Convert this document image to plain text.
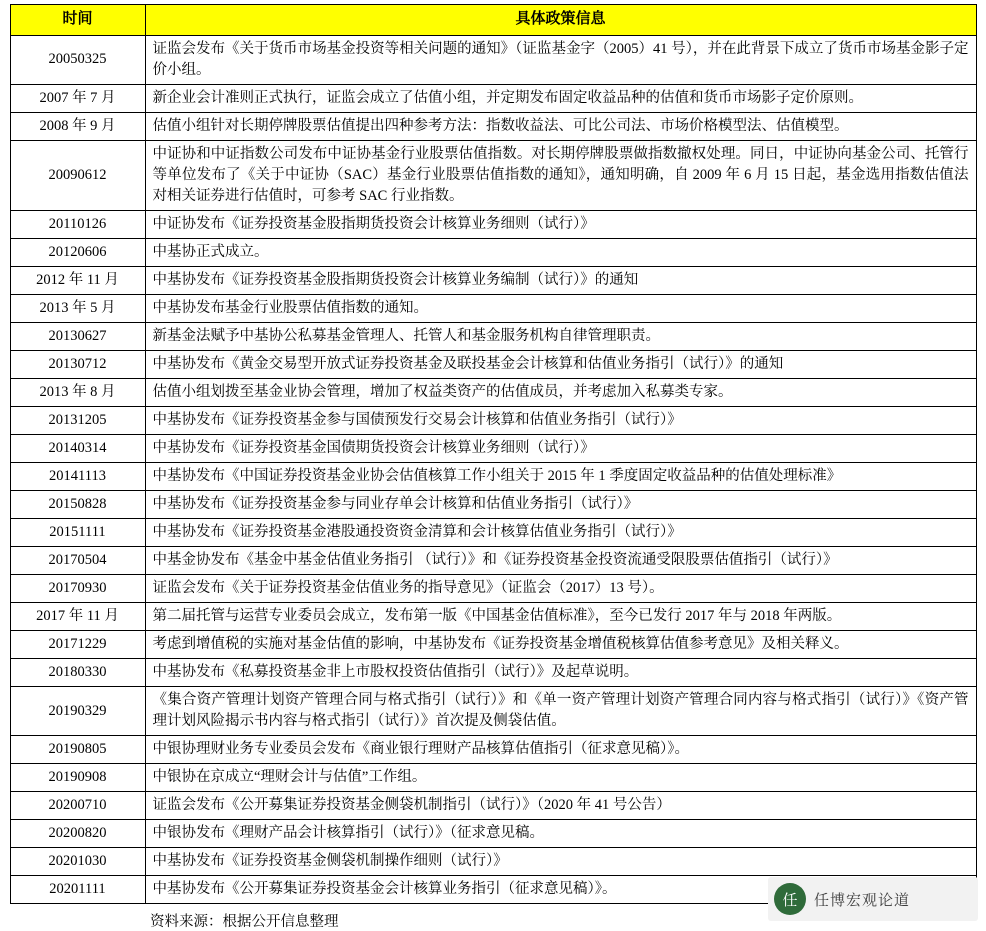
时间	具体政策信息
20050325	证监会发布《关于货币市场基金投资等相关问题的通知》（证监基金字（2005）41 号），并在此背景下成立了货币市场基金影子定价小组。
2007 年 7 月	新企业会计准则正式执行，证监会成立了估值小组，并定期发布固定收益品种的估值和货币市场影子定价原则。
2008 年 9 月	估值小组针对长期停牌股票估值提出四种参考方法：指数收益法、可比公司法、市场价格模型法、估值模型。
20090612	中证协和中证指数公司发布中证协基金行业股票估值指数。对长期停牌股票做指数撤权处理。同日，中证协向基金公司、托管行等单位发布了《关于中证协（SAC）基金行业股票估值指数的通知》，通知明确，自 2009 年 6 月 15 日起，基金选用指数估值法对相关证券进行估值时，可参考 SAC 行业指数。
20110126	中证协发布《证券投资基金股指期货投资会计核算业务细则（试行）》
20120606	中基协正式成立。
2012 年 11 月	中基协发布《证券投资基金股指期货投资会计核算业务编制（试行）》的通知
2013 年 5 月	中基协发布基金行业股票估值指数的通知。
20130627	新基金法赋予中基协公私募基金管理人、托管人和基金服务机构自律管理职责。
20130712	中基协发布《黄金交易型开放式证券投资基金及联投基金会计核算和估值业务指引（试行）》的通知
2013 年 8 月	估值小组划拨至基金业协会管理，增加了权益类资产的估值成员，并考虑加入私募类专家。
20131205	中基协发布《证券投资基金参与国债预发行交易会计核算和估值业务指引（试行）》
20140314	中基协发布《证券投资基金国债期货投资会计核算业务细则（试行）》
20141113	中基协发布《中国证券投资基金业协会估值核算工作小组关于 2015 年 1 季度固定收益品种的估值处理标准》
20150828	中基协发布《证券投资基金参与同业存单会计核算和估值业务指引（试行）》
20151111	中基协发布《证券投资基金港股通投资资金清算和会计核算估值业务指引（试行）》
20170504	中基金协发布《基金中基金估值业务指引 （试行）》和《证券投资基金投资流通受限股票估值指引（试行）》
20170930	证监会发布《关于证券投资基金估值业务的指导意见》（证监会（2017）13 号）。
2017 年 11 月	第二届托管与运营专业委员会成立，发布第一版《中国基金估值标准》，至今已发行 2017 年与 2018 年两版。
20171229	考虑到增值税的实施对基金估值的影响，中基协发布《证券投资基金增值税核算估值参考意见》及相关释义。
20180330	中基协发布《私募投资基金非上市股权投资估值指引（试行）》及起草说明。
20190329	《集合资产管理计划资产管理合同与格式指引（试行）》和《单一资产管理计划资产管理合同内容与格式指引（试行）》《资产管理计划风险揭示书内容与格式指引（试行）》首次提及侧袋估值。
20190805	中银协理财业务专业委员会发布《商业银行理财产品核算估值指引（征求意见稿）》。
20190908	中银协在京成立“理财会计与估值”工作组。
20200710	证监会发布《公开募集证券投资基金侧袋机制指引（试行）》（2020 年 41 号公告）
20200820	中银协发布《理财产品会计核算指引（试行）》（征求意见稿。
20201030	中基协发布《证券投资基金侧袋机制操作细则（试行）》
20201111	中基协发布《公开募集证券投资基金会计核算业务指引（征求意见稿）》。
资料来源：根据公开信息整理
任	任博宏观论道
